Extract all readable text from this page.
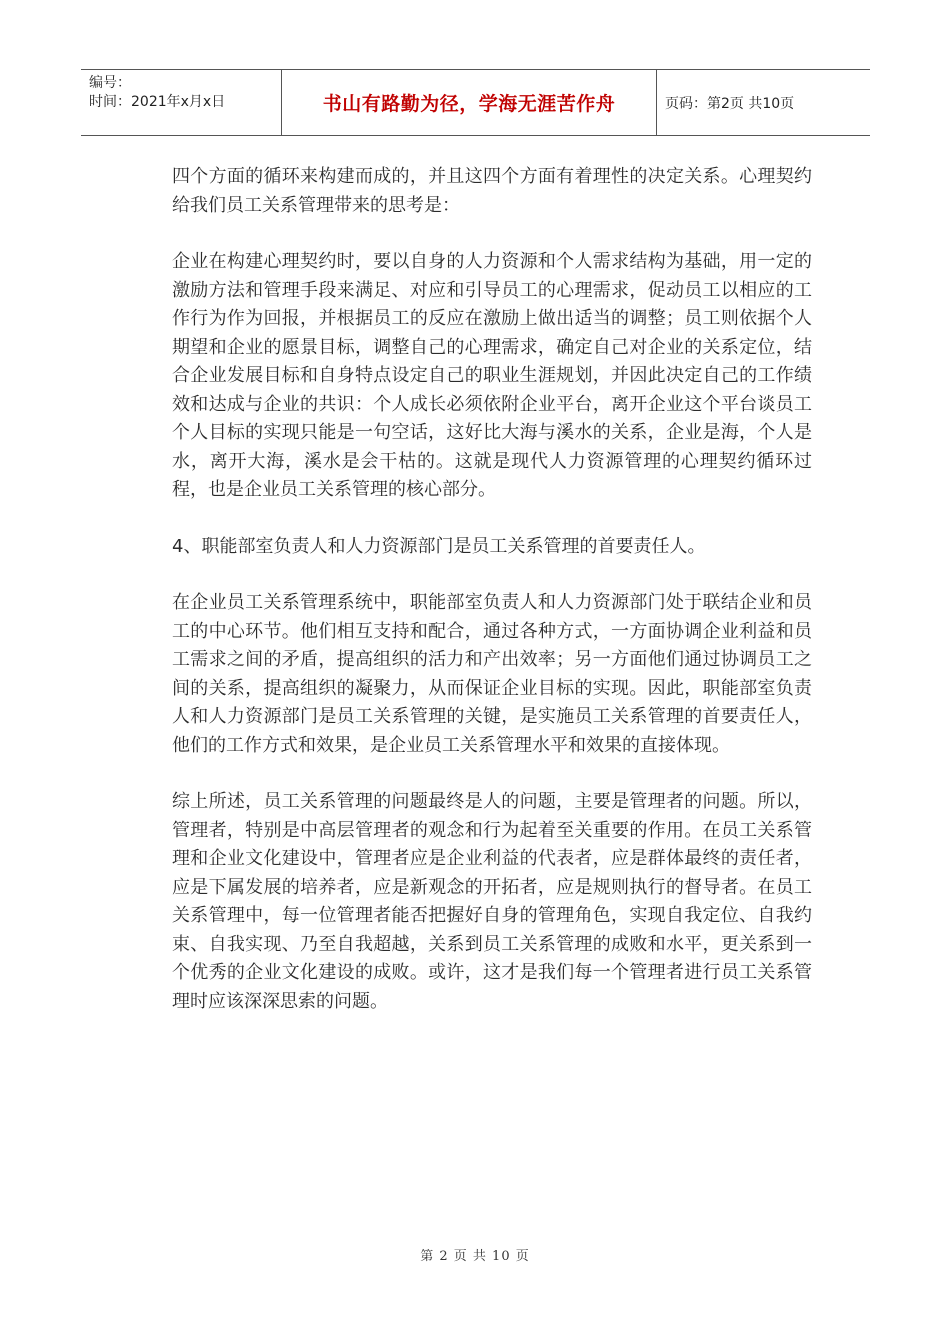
编号：
时间：2021年x月x日	书山有路勤为径，学海无涯苦作舟	页码：第2页 共10页

四个方面的循环来构建而成的，并且这四个方面有着理性的决定关系。心理契约给我们员工关系管理带来的思考是：

企业在构建心理契约时，要以自身的人力资源和个人需求结构为基础，用一定的激励方法和管理手段来满足、对应和引导员工的心理需求，促动员工以相应的工作行为作为回报，并根据员工的反应在激励上做出适当的调整；员工则依据个人期望和企业的愿景目标，调整自己的心理需求，确定自己对企业的关系定位，结合企业发展目标和自身特点设定自己的职业生涯规划，并因此决定自己的工作绩效和达成与企业的共识：个人成长必须依附企业平台，离开企业这个平台谈员工个人目标的实现只能是一句空话，这好比大海与溪水的关系，企业是海，个人是水，离开大海，溪水是会干枯的。这就是现代人力资源管理的心理契约循环过程，也是企业员工关系管理的核心部分。

4、职能部室负责人和人力资源部门是员工关系管理的首要责任人。

在企业员工关系管理系统中，职能部室负责人和人力资源部门处于联结企业和员工的中心环节。他们相互支持和配合，通过各种方式，一方面协调企业利益和员工需求之间的矛盾，提高组织的活力和产出效率；另一方面他们通过协调员工之间的关系，提高组织的凝聚力，从而保证企业目标的实现。因此，职能部室负责人和人力资源部门是员工关系管理的关键，是实施员工关系管理的首要责任人，他们的工作方式和效果，是企业员工关系管理水平和效果的直接体现。

综上所述，员工关系管理的问题最终是人的问题，主要是管理者的问题。所以，管理者，特别是中高层管理者的观念和行为起着至关重要的作用。在员工关系管理和企业文化建设中，管理者应是企业利益的代表者，应是群体最终的责任者，应是下属发展的培养者，应是新观念的开拓者，应是规则执行的督导者。在员工关系管理中，每一位管理者能否把握好自身的管理角色，实现自我定位、自我约束、自我实现、乃至自我超越，关系到员工关系管理的成败和水平，更关系到一个优秀的企业文化建设的成败。或许，这才是我们每一个管理者进行员工关系管理时应该深深思索的问题。

第 2 页 共 10 页
